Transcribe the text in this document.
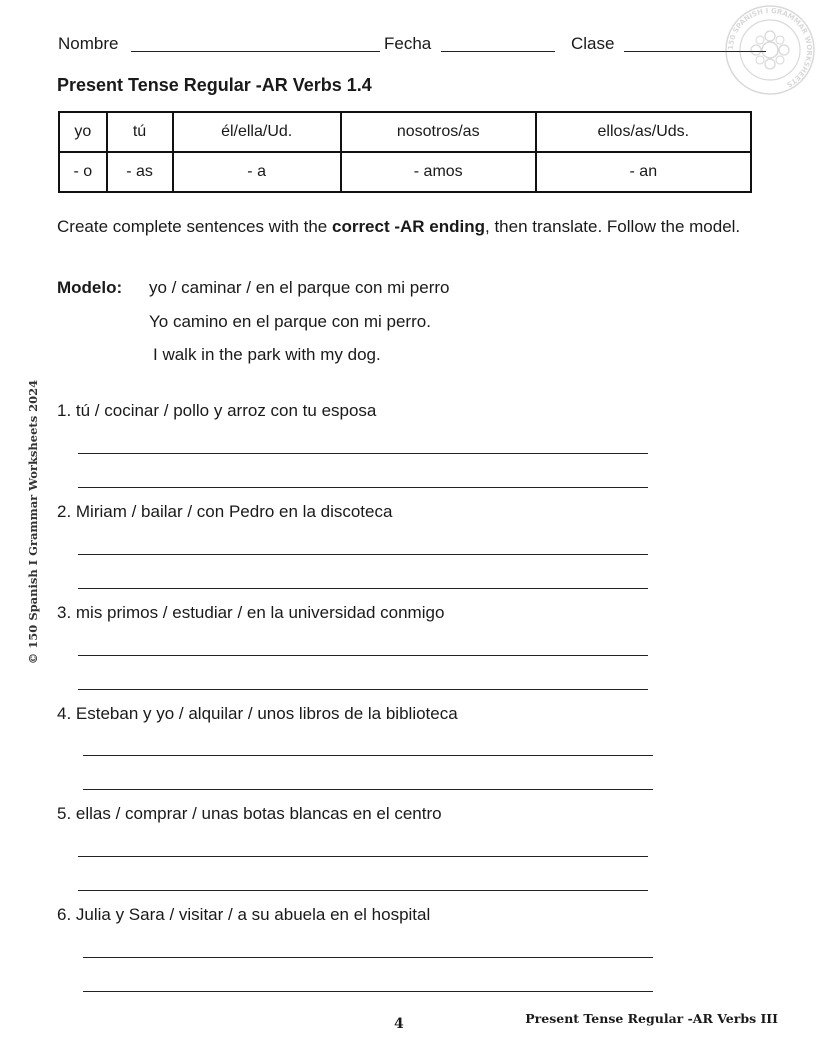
Nombre	Fecha	Clase	150 SPANISH I GRAMMAR WORKSHEETS
Present Tense Regular -AR Verbs 1.4
yo	tú	él/ella/Ud.	nosotros/as	ellos/as/Uds.
- o	- as	- a	- amos	- an
Create complete sentences with the correct -AR ending, then translate. Follow the model.
Modelo: yo / caminar / en el parque con mi perro
Yo camino en el parque con mi perro.
I walk in the park with my dog.
1. tú / cocinar / pollo y arroz con tu esposa
2. Miriam / bailar / con Pedro en la discoteca
3. mis primos / estudiar / en la universidad conmigo
4. Esteban y yo / alquilar / unos libros de la biblioteca
5. ellas / comprar / unas botas blancas en el centro
6. Julia y Sara / visitar / a su abuela en el hospital
© 150 Spanish I Grammar Worksheets 2024
4	Present Tense Regular -AR Verbs III
